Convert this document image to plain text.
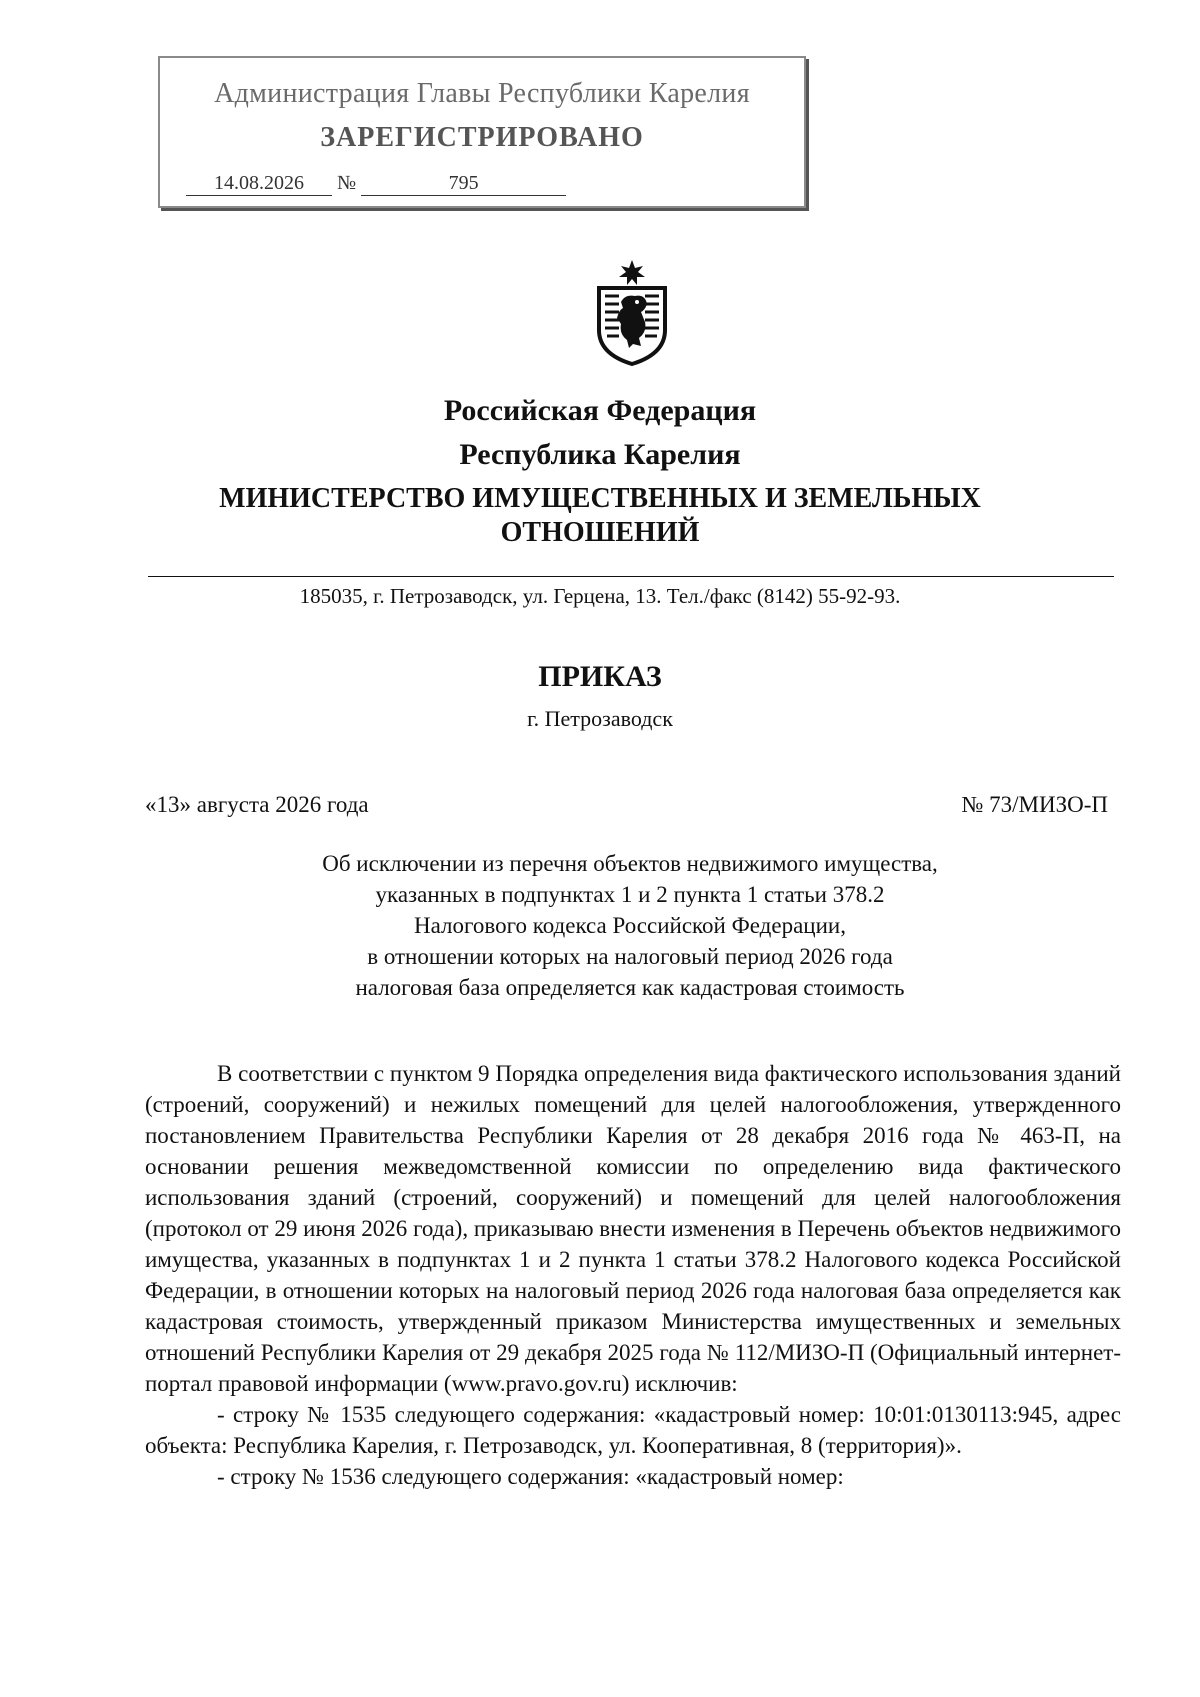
Администрация Главы Республики Карелия
ЗАРЕГИСТРИРОВАНО
14.08.2026 №	795
Российская Федерация
Республика Карелия
МИНИСТЕРСТВО ИМУЩЕСТВЕННЫХ И ЗЕМЕЛЬНЫХ
ОТНОШЕНИЙ
185035, г. Петрозаводск, ул. Герцена, 13. Тел./факс (8142) 55-92-93.
ПРИКАЗ
г. Петрозаводск
«13» августа 2026 года	№ 73/МИЗО-П
Об исключении из перечня объектов недвижимого имущества,
указанных в подпунктах 1 и 2 пункта 1 статьи 378.2
Налогового кодекса Российской Федерации,
в отношении которых на налоговый период 2026 года
налоговая база определяется как кадастровая стоимость

В соответствии с пунктом 9 Порядка определения вида фактического использования зданий (строений, сооружений) и нежилых помещений для целей налогообложения, утвержденного постановлением Правительства Республики Карелия от 28 декабря 2016 года № 463-П, на основании решения межведомственной комиссии по определению вида фактического использования зданий (строений, сооружений) и помещений для целей налогообложения (протокол от 29 июня 2026 года), приказываю внести изменения в Перечень объектов недвижимого имущества, указанных в подпунктах 1 и 2 пункта 1 статьи 378.2 Налогового кодекса Российской Федерации, в отношении которых на налоговый период 2026 года налоговая база определяется как кадастровая стоимость, утвержденный приказом Министерства имущественных и земельных отношений Республики Карелия от 29 декабря 2025 года № 112/МИЗО-П (Официальный интернет-портал правовой информации (www.pravo.gov.ru) исключив:

- строку № 1535 следующего содержания: «кадастровый номер: 10:01:0130113:945, адрес объекта: Республика Карелия, г. Петрозаводск, ул. Кооперативная, 8 (территория)».

- строку № 1536 следующего содержания: «кадастровый номер:
